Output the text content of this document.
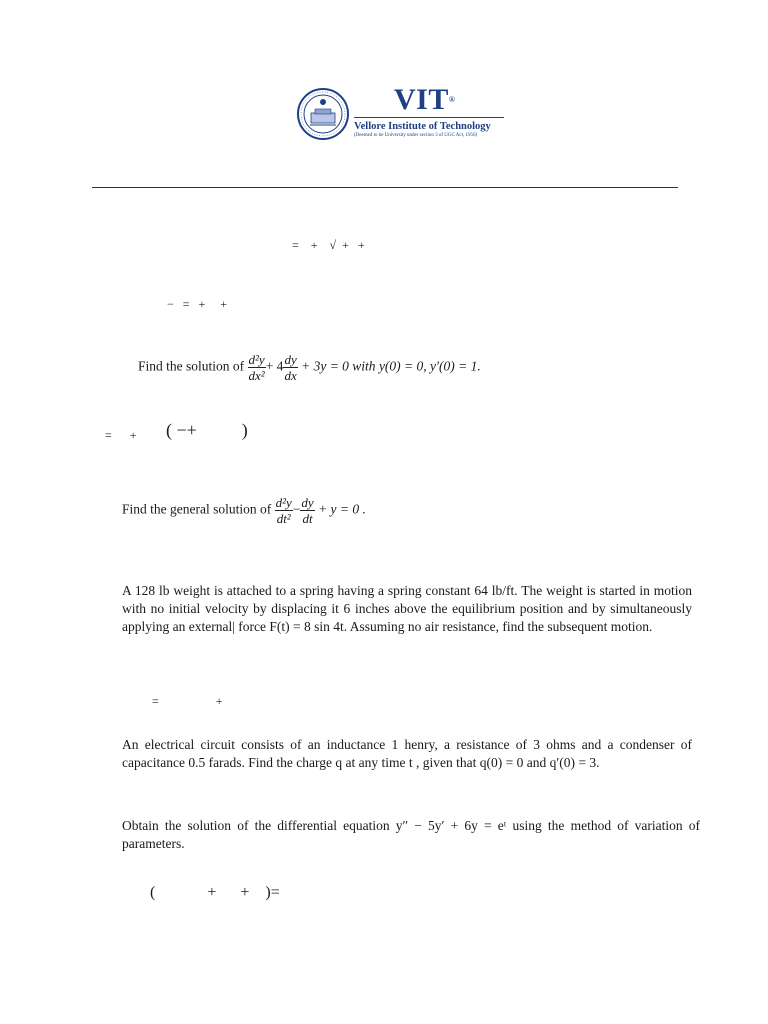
VIT®
Vellore Institute of Technology
(Deemed to be University under section 3 of UGC Act, 1956)
=    +    √  +   +
−   =   +     +
Find the solution of $\frac{\text{d²y}}{\text{dx²}} + 4 \frac{dy}{dx} + 3y = 0$ with y(0) = 0, y′(0) = 1.
=      + ( −+          )
Find the general solution of $\frac{\text{d²y}}{\text{dt²}} - \frac{dy}{dt} + y = 0$ .
A 128 lb weight is attached to a spring having a spring constant 64 lb/ft. The weight is started in motion with no initial velocity by displacing it 6 inches above the equilibrium position and by simultaneously applying an external| force F(t) = 8 sin 4t. Assuming no air resistance, find the subsequent motion.
=                   +
An electrical circuit consists of an inductance 1 henry, a resistance of 3 ohms and a condenser of capacitance 0.5 farads. Find the charge q at any time t , given that q(0) = 0 and q′(0) = 3.
Obtain the solution of the differential equation y″ − 5y′ + 6y = eᵗ using the method of variation of parameters.
(             +      +    )=
